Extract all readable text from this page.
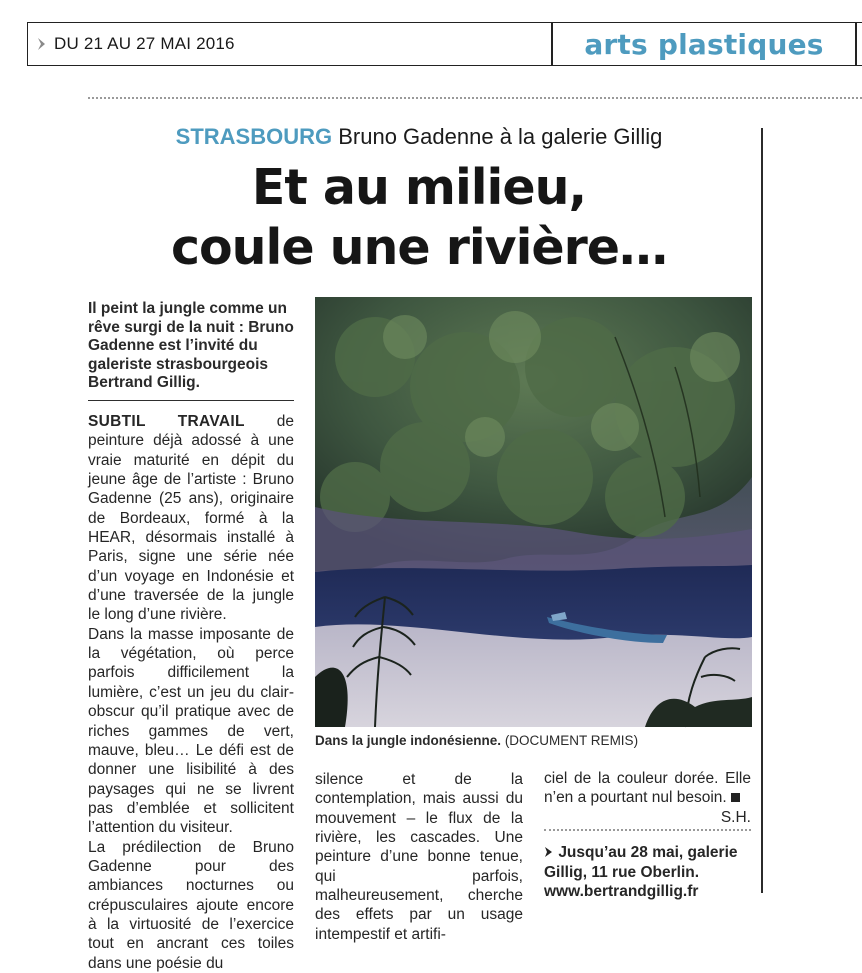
DU 21 AU 27 MAI 2016	arts plastiques
STRASBOURG Bruno Gadenne à la galerie Gillig
Et au milieu,
coule une rivière…
Il peint la jungle comme un rêve surgi de la nuit : Bruno Gadenne est l’invité du galeriste strasbourgeois Bertrand Gillig.

SUBTIL TRAVAIL de peinture déjà adossé à une vraie maturité en dépit du jeune âge de l’artiste : Bruno Gadenne (25 ans), originaire de Bordeaux, formé à la HEAR, désormais installé à Paris, signe une série née d’un voyage en Indonésie et d’une traversée de la jungle le long d’une rivière.

Dans la masse imposante de la végétation, où perce parfois difficilement la lumière, c’est un jeu du clair-obscur qu’il pratique avec de riches gammes de vert, mauve, bleu… Le défi est de donner une lisibilité à des paysages qui ne se livrent pas d’emblée et sollicitent l’attention du visiteur.

La prédilection de Bruno Gadenne pour des ambiances nocturnes ou crépusculaires ajoute encore à la virtuosité de l’exercice tout en ancrant ces toiles dans une poésie du

silence et de la contemplation, mais aussi du mouvement – le flux de la rivière, les cascades. Une peinture d’une bonne tenue, qui parfois, malheureusement, cherche des effets par un usage intempestif et artifi-

ciel de la couleur dorée. Elle n’en a pourtant nul besoin.

S.H.

Jusqu’au 28 mai, galerie Gillig, 11 rue Oberlin.
www.bertrandgillig.fr
Dans la jungle indonésienne. (DOCUMENT REMIS)
